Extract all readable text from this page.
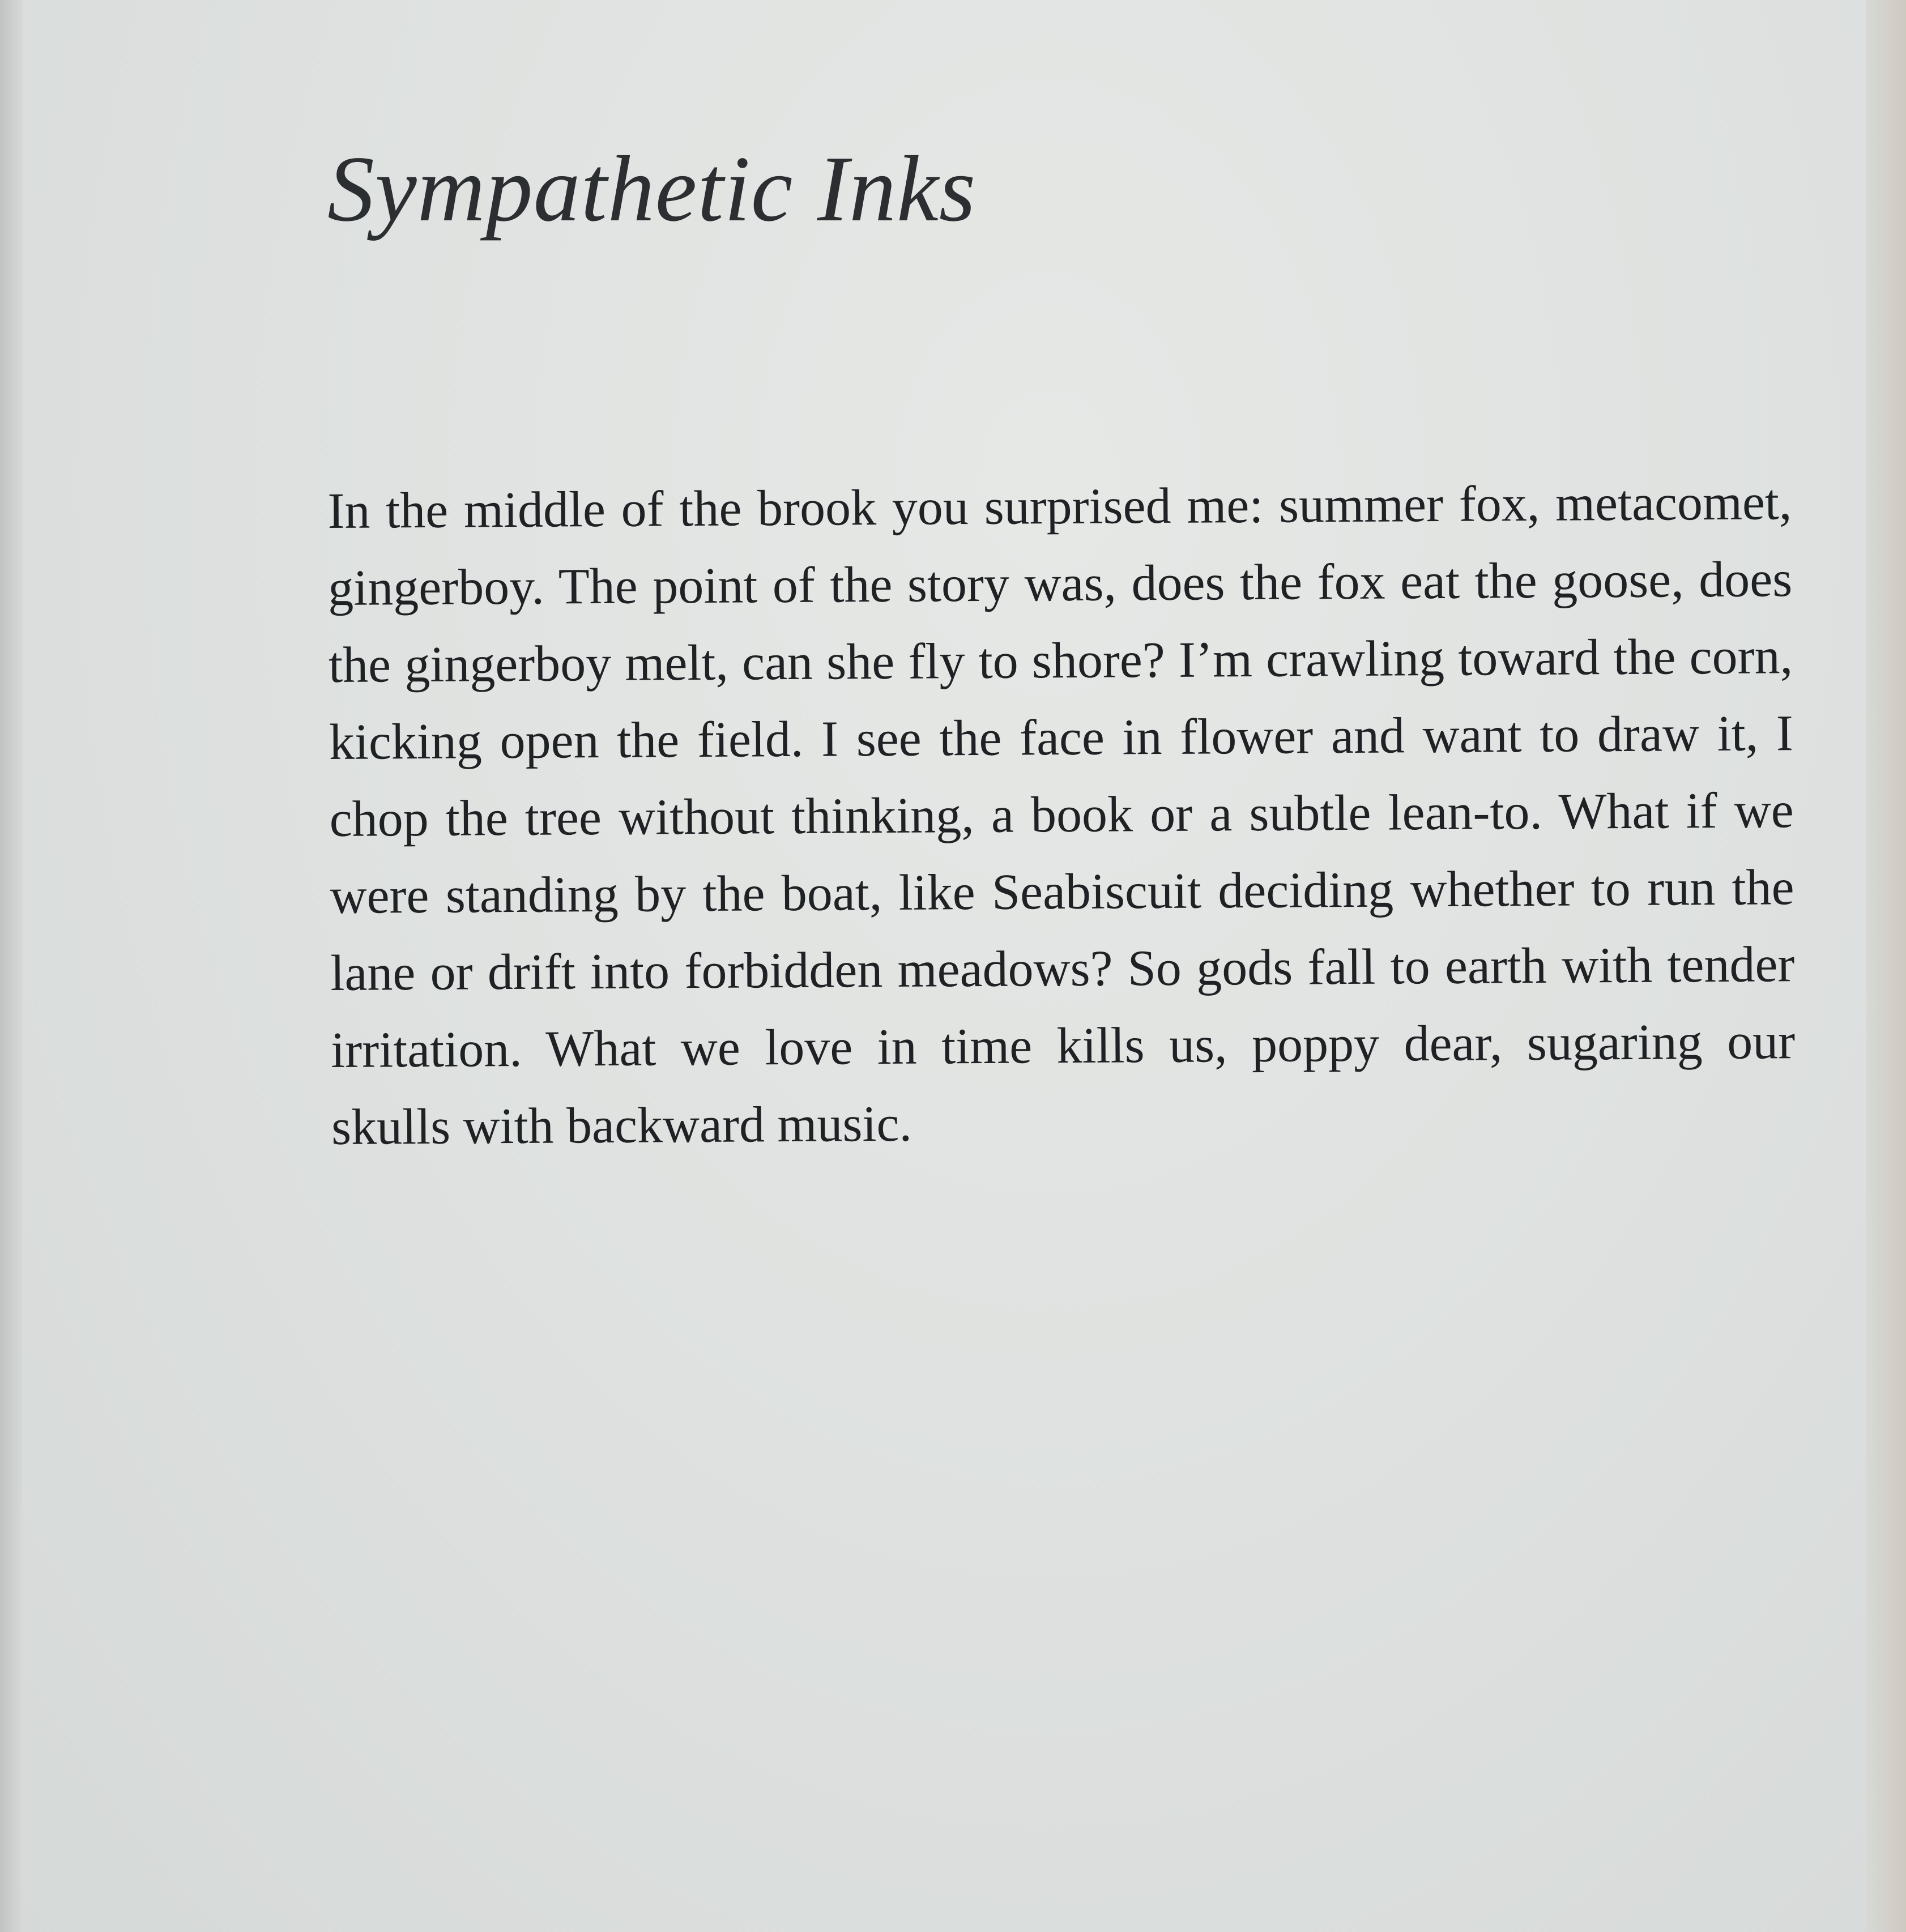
Sympathetic Inks

In the middle of the brook you surprised me: summer fox, metacomet, gingerboy. The point of the story was, does the fox eat the goose, does the gingerboy melt, can she fly to shore? I’m crawling toward the corn, kicking open the field. I see the face in flower and want to draw it, I chop the tree without thinking, a book or a subtle lean-to. What if we were standing by the boat, like Seabiscuit deciding whether to run the lane or drift into forbidden meadows? So gods fall to earth with tender irritation. What we love in time kills us, poppy dear, sugaring our skulls with backward music.
